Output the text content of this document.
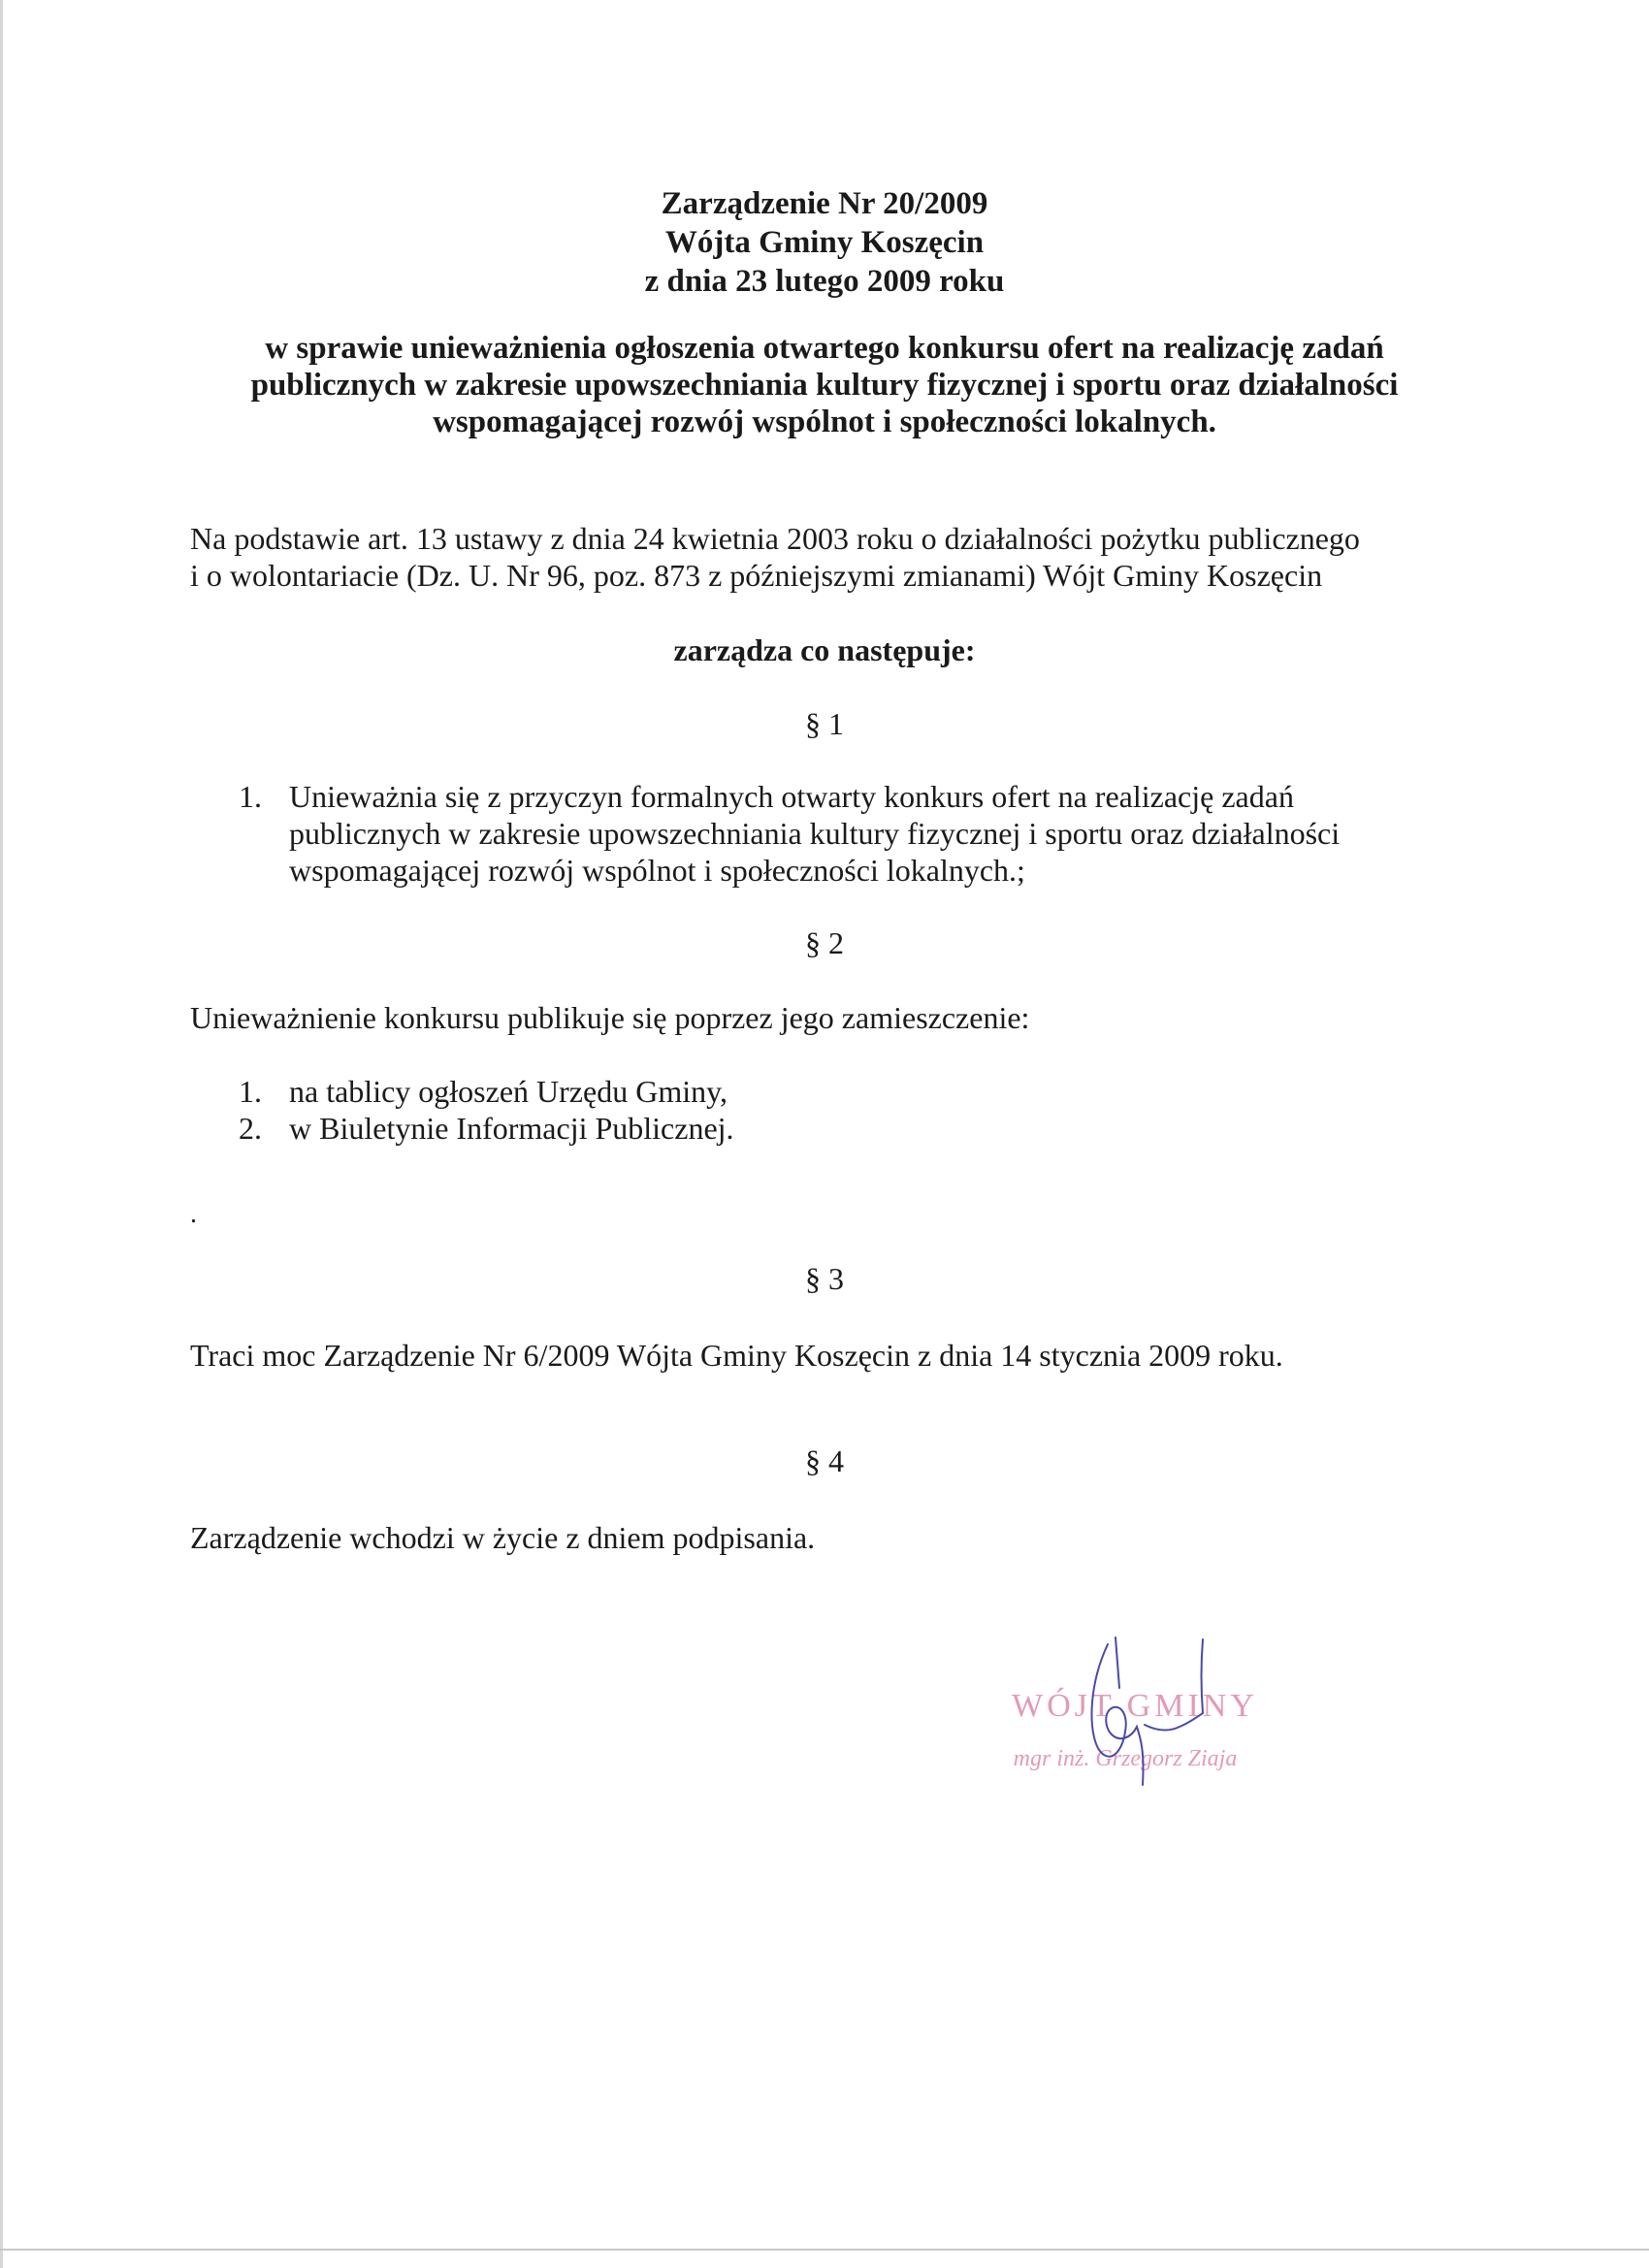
Zarządzenie Nr 20/2009
Wójta Gminy Koszęcin
z dnia 23 lutego 2009 roku
w sprawie unieważnienia ogłoszenia otwartego konkursu ofert na realizację zadań
publicznych w zakresie upowszechniania kultury fizycznej i sportu oraz działalności
wspomagającej rozwój wspólnot i społeczności lokalnych.
Na podstawie art. 13 ustawy z dnia 24 kwietnia 2003 roku o działalności pożytku publicznego
i o wolontariacie (Dz. U. Nr 96, poz. 873 z późniejszymi zmianami) Wójt Gminy Koszęcin
zarządza co następuje:
§ 1
1. Unieważnia się z przyczyn formalnych otwarty konkurs ofert na realizację zadań
publicznych w zakresie upowszechniania kultury fizycznej i sportu oraz działalności
wspomagającej rozwój wspólnot i społeczności lokalnych.;
§ 2
Unieważnienie konkursu publikuje się poprzez jego zamieszczenie:
1. na tablicy ogłoszeń Urzędu Gminy,
2. w Biuletynie Informacji Publicznej.
.
§ 3
Traci moc Zarządzenie Nr 6/2009 Wójta Gminy Koszęcin z dnia 14 stycznia 2009 roku.
§ 4
Zarządzenie wchodzi w życie z dniem podpisania.
WÓJT GMINY
mgr inż. Grzegorz Ziaja
